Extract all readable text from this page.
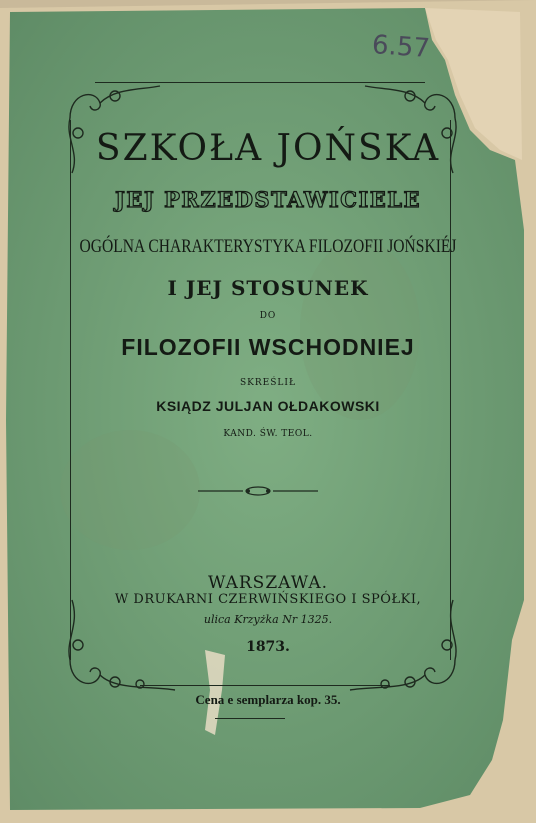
6.57
SZKOŁA JOŃSKA
JEJ PRZEDSTAWICIELE
OGÓLNA CHARAKTERYSTYKA FILOZOFII JOŃSKIÉJ
I JEJ STOSUNEK
DO
FILOZOFII WSCHODNIEJ
SKREŚLIŁ
KSIĄDZ JULJAN OŁDAKOWSKI
KAND. ŚW. TEOL.
WARSZAWA.
W DRUKARNI CZERWIŃSKIEGO I SPÓŁKI,
ulica Krzyżka Nr 1325.
1873.
Cena e semplarza kop. 35.
